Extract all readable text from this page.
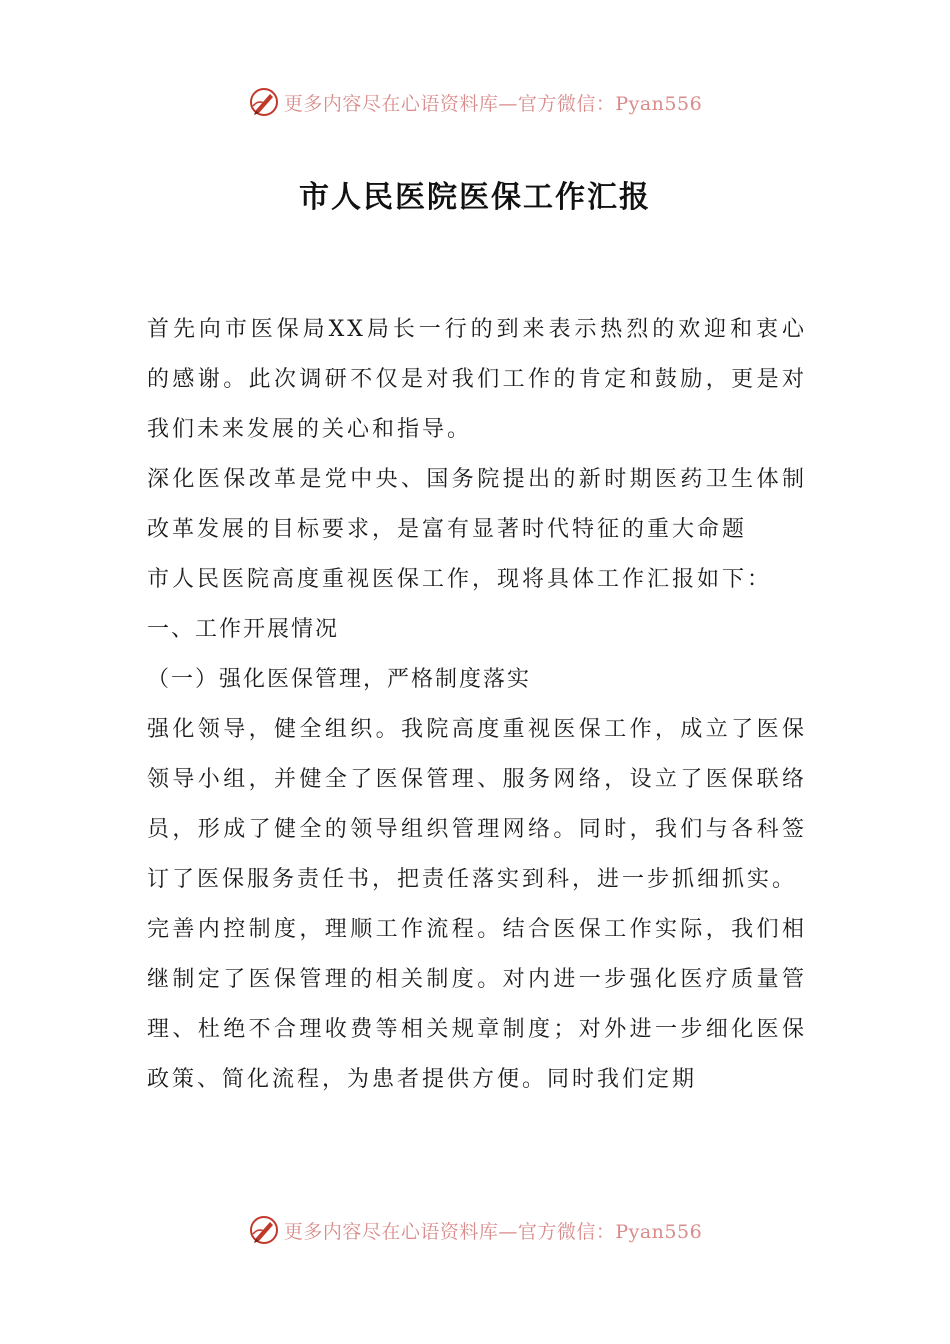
更多内容尽在心语资料库—官方微信：Pyan556
市人民医院医保工作汇报

首先向市医保局XX局长一行的到来表示热烈的欢迎和衷心的感谢。此次调研不仅是对我们工作的肯定和鼓励，更是对我们未来发展的关心和指导。

深化医保改革是党中央、国务院提出的新时期医药卫生体制改革发展的目标要求，是富有显著时代特征的重大命题

市人民医院高度重视医保工作，现将具体工作汇报如下：

一、工作开展情况

（一）强化医保管理，严格制度落实

强化领导，健全组织。我院高度重视医保工作，成立了医保领导小组，并健全了医保管理、服务网络，设立了医保联络员，形成了健全的领导组织管理网络。同时，我们与各科签订了医保服务责任书，把责任落实到科，进一步抓细抓实。

完善内控制度，理顺工作流程。结合医保工作实际，我们相继制定了医保管理的相关制度。对内进一步强化医疗质量管理、杜绝不合理收费等相关规章制度；对外进一步细化医保政策、简化流程，为患者提供方便。同时我们定期

更多内容尽在心语资料库—官方微信：Pyan556
